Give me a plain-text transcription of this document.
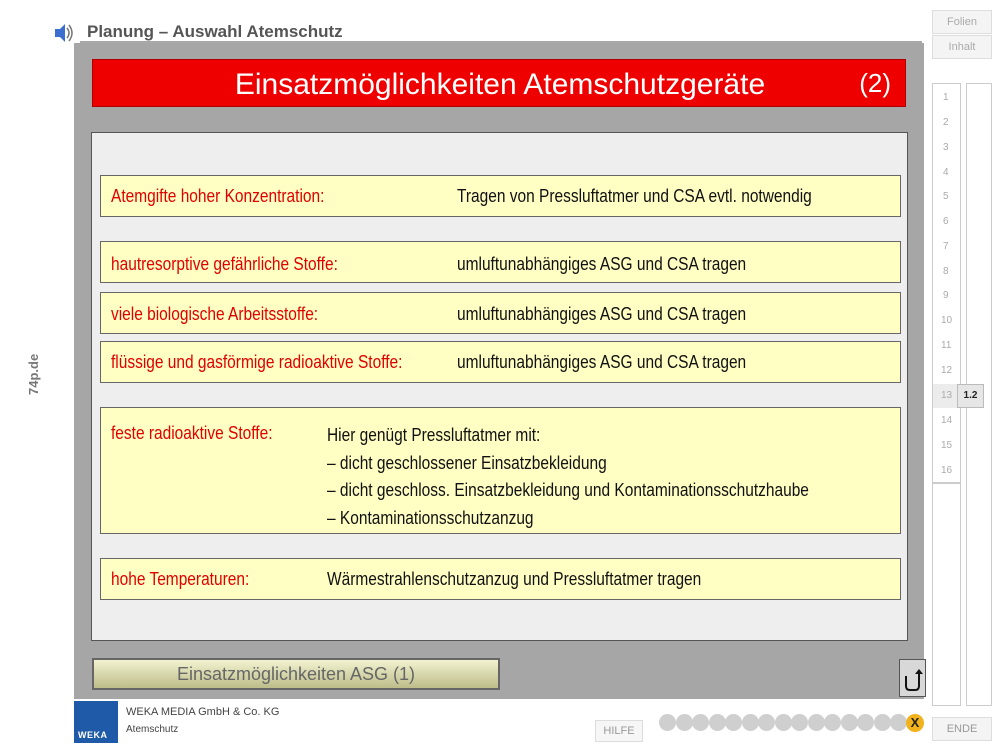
Planung – Auswahl Atemschutz
74p.de
Einsatzmöglichkeiten Atemschutzgeräte	(2)
Atemgifte hoher Konzentration:	Tragen von Pressluftatmer und CSA evtl. notwendig
hautresorptive gefährliche Stoffe:	umluftunabhängiges ASG und CSA tragen
viele biologische Arbeitsstoffe:	umluftunabhängiges ASG und CSA tragen
flüssige und gasförmige radioaktive Stoffe:	umluftunabhängiges ASG und CSA tragen
feste radioaktive Stoffe:	Hier genügt Pressluftatmer mit:
– dicht geschlossener Einsatzbekleidung
– dicht geschloss. Einsatzbekleidung und Kontaminationsschutzhaube
– Kontaminationsschutzanzug
hohe Temperaturen:	Wärmestrahlenschutzanzug und Pressluftatmer tragen
Einsatzmöglichkeiten ASG (1)
Folien
Inhalt
1
2
3
4
5
6
7
8
9
10
11
12
13
14
15
16
1.2
WEKA
WEKA MEDIA GmbH & Co. KG
Atemschutz	HILFE
X	ENDE
